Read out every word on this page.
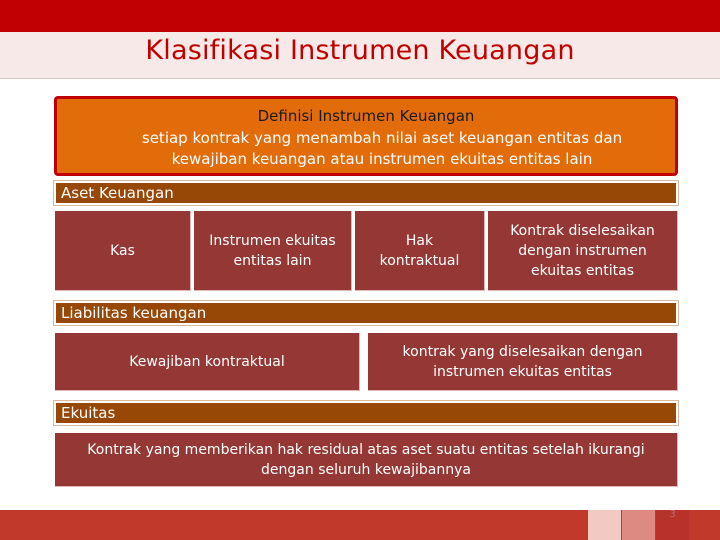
Klasifikasi Instrumen Keuangan
Definisi Instrumen Keuangan
setiap kontrak yang menambah nilai aset keuangan entitas dan
kewajiban keuangan atau instrumen ekuitas entitas lain
Aset Keuangan
Kas
Instrumen ekuitas entitas lain
Hak kontraktual
Kontrak diselesaikan dengan instrumen ekuitas entitas
Liabilitas keuangan
Kewajiban kontraktual
kontrak yang diselesaikan dengan instrumen ekuitas entitas
Ekuitas
Kontrak yang memberikan hak residual atas aset suatu entitas setelah ikurangi dengan seluruh kewajibannya
3
